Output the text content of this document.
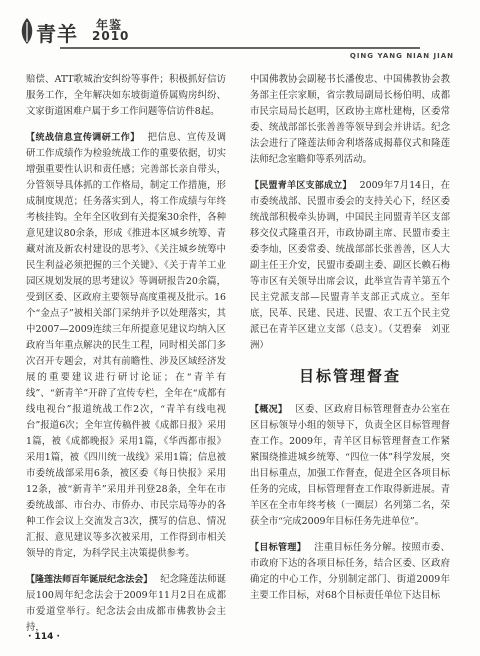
青羊 年鉴
2010
QING YANG NIAN JIAN

赔偿、ATT歌城治安纠纷等事件；积极抓好信访服务工作，全年解决如东坡街道侨属购房纠纷、文家街道困难户属于乡工作问题等信访件8起。

【统战信息宣传调研工作】 把信息、宣传及调研工作成绩作为检验统战工作的重要依据，切实增强重要性认识和责任感；完善部长亲自带头，分管领导具体抓的工作格局，制定工作措施，形成制度规范；任务落实到人，将工作成绩与年终考核挂钩。全年全区收到有关提案30余件，各种意见建议80余条，形成《推进本区城乡统筹、青藏对流及新农村建设的思考》、《关注城乡统筹中民生利益必须把握的三个关键》、《关于青羊工业园区规划发展的思考建议》等调研报告20余篇，受到区委、区政府主要领导高度重视及批示。16个“金点子”被相关部门采纳并予以处理落实，其中2007—2009连续三年所提意见建议均纳入区政府当年重点解决的民生工程，同时相关部门多次召开专题会，对其有前瞻性、涉及区域经济发展的重要建议进行研讨论证；在“青羊有线”、“新青羊”开辟了宣传专栏，全年在“成都有线电视台”报道统战工作2次，“青羊有线电视台”报道6次；全年宣传稿件被《成都日报》采用1篇，被《成都晚报》采用1篇，《华西都市报》采用1篇，被《四川统一战线》采用1篇；信息被市委统战部采用6条，被区委《每日快报》采用12条，被“新青羊”采用并刊登28条，全年在市委统战部、市台办、市侨办、市民宗局等办的各种工作会议上交流发言3次，撰写的信息、情况汇报、意见建议等多次被采用，工作得到市相关领导的肯定，为科学民主决策提供参考。

【隆莲法师百年诞辰纪念法会】 纪念隆莲法师诞辰100周年纪念法会于2009年11月2日在成都市爱道堂举行。纪念法会由成都市佛教协会主持，

中国佛教协会副秘书长潘俊忠、中国佛教协会教务部主任宗家顺，省宗教局副局长杨伯明、成都市民宗局局长赵明，区政协主席杜建梅，区委常委、统战部部长张善善等领导到会并讲话。纪念法会进行了隆莲法师舍利塔落成揭幕仪式和隆莲法师纪念室瞻仰等系列活动。

【民盟青羊区支部成立】 2009年7月14日，在市委统战部、民盟市委会的支持关心下，经区委统战部积极牵头协调，中国民主同盟青羊区支部移交仪式隆重召开，市政协副主席、民盟市委主委李灿，区委常委、统战部部长张善善，区人大副主任王介安，民盟市委副主委、副区长赖石梅等市区有关领导出席会议，此举宣告青羊第五个民主党派支部—民盟青羊支部正式成立。至年底，民革、民建、民进、民盟、农工五个民主党派已在青羊区建立支部（总支）。（艾碧秦　刘亚洲）

目标管理督查

【概况】 区委、区政府目标管理督查办公室在区目标领导小组的领导下，负责全区目标管理督查工作。2009年，青羊区目标管理督查工作紧紧围绕推进城乡统筹、“四位一体”科学发展，突出目标重点，加强工作督查，促进全区各项目标任务的完成，目标管理督查工作取得新进展。青羊区在全市年终考核（一圈层）名列第二名，荣获全市“完成2009年目标任务先进单位”。

【目标管理】 注重目标任务分解。按照市委、市政府下达的各项目标任务，结合区委、区政府确定的中心工作，分别制定部门、街道2009年主要工作目标，对68个目标责任单位下达目标

· 114 ·
